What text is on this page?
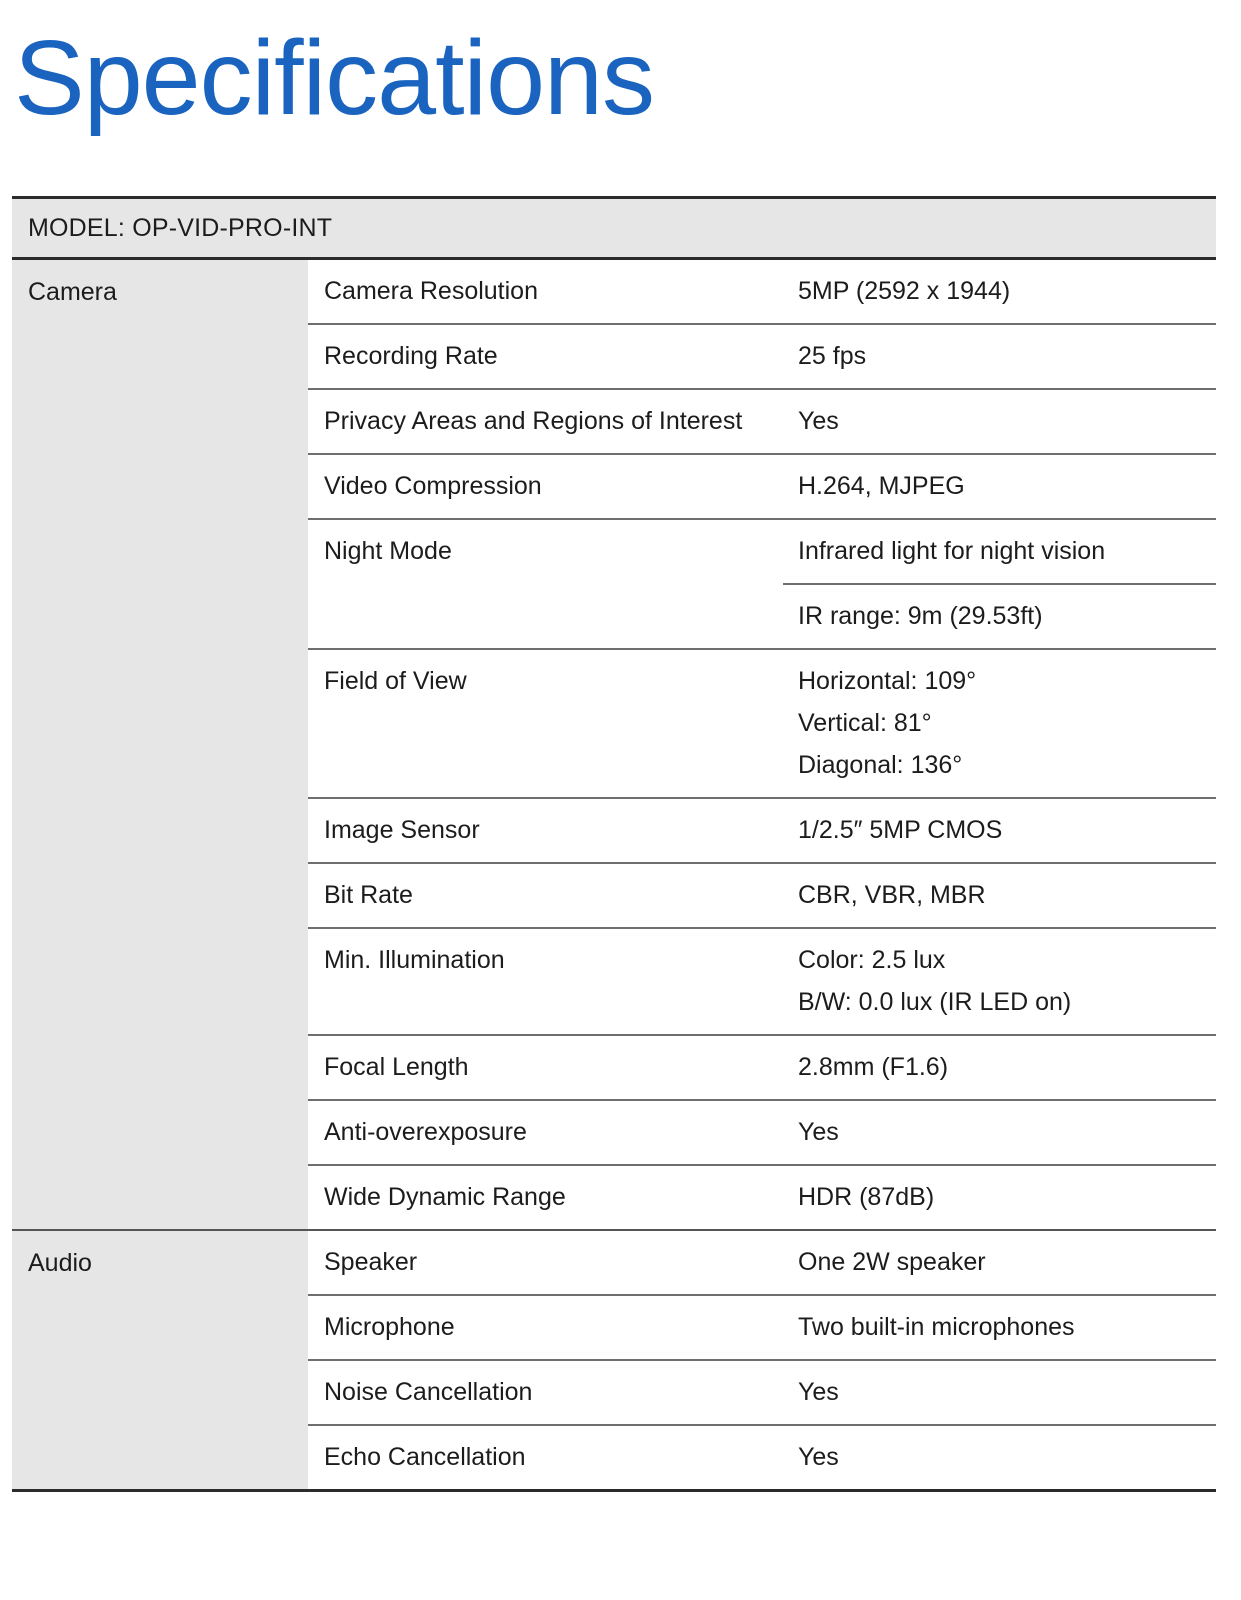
Specifications
MODEL: OP-VID-PRO-INT
Camera	Camera Resolution	5MP (2592 x 1944)
Recording Rate	25 fps
Privacy Areas and Regions of Interest	Yes
Video Compression	H.264, MJPEG
Night Mode	Infrared light for night vision
IR range: 9m (29.53ft)
Field of View	Horizontal: 109°
Vertical: 81°
Diagonal: 136°
Image Sensor	1/2.5″ 5MP CMOS
Bit Rate	CBR, VBR, MBR
Min. Illumination	Color: 2.5 lux
B/W: 0.0 lux (IR LED on)
Focal Length	2.8mm (F1.6)
Anti-overexposure	Yes
Wide Dynamic Range	HDR (87dB)
Audio	Speaker	One 2W speaker
Microphone	Two built-in microphones
Noise Cancellation	Yes
Echo Cancellation	Yes
